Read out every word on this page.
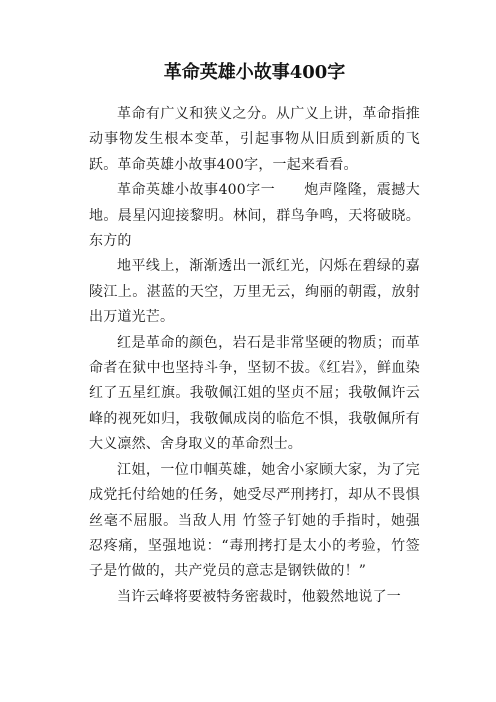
革命英雄小故事400字

革命有广义和狭义之分。从广义上讲，革命指推动事物发生根本变革，引起事物从旧质到新质的飞跃。革命英雄小故事400字，一起来看看。

革命英雄小故事400字一　　炮声隆隆，震撼大地。晨星闪迎接黎明。林间，群鸟争鸣，天将破晓。东方的

地平线上，渐渐透出一派红光，闪烁在碧绿的嘉陵江上。湛蓝的天空，万里无云，绚丽的朝霞，放射出万道光芒。

红是革命的颜色，岩石是非常坚硬的物质；而革命者在狱中也坚持斗争，坚韧不拔。《红岩》，鲜血染红了五星红旗。我敬佩江姐的坚贞不屈；我敬佩许云峰的视死如归，我敬佩成岗的临危不惧，我敬佩所有大义凛然、舍身取义的革命烈士。

江姐，一位巾帼英雄，她舍小家顾大家，为了完成党托付给她的任务，她受尽严刑拷打，却从不畏惧丝毫不屈服。当敌人用 竹签子钉她的手指时，她强忍疼痛，坚强地说：“毒刑拷打是太小的考验，竹签子是竹做的，共产党员的意志是钢铁做的！”

当许云峰将要被特务密裁时，他毅然地说了一
